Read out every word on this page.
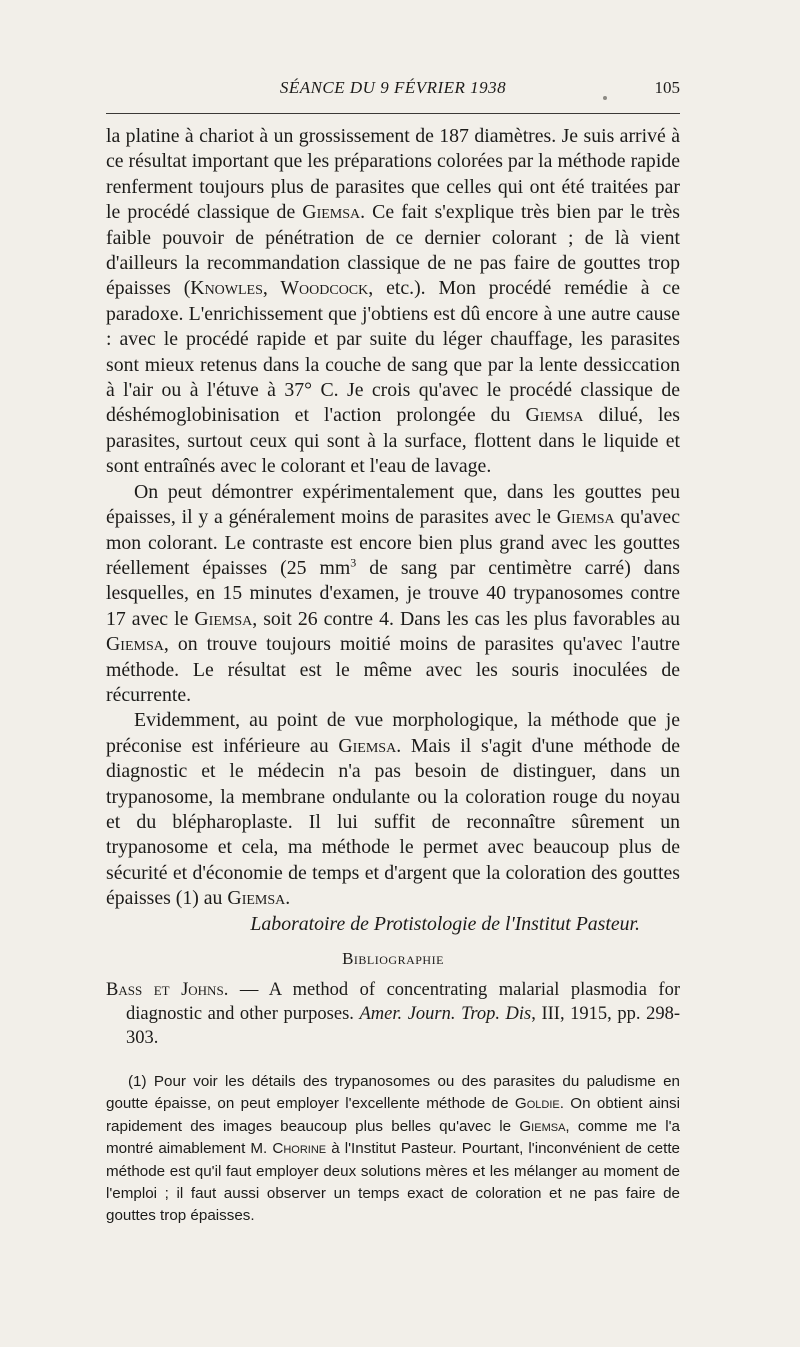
SÉANCE DU 9 FÉVRIER 1938	105

la platine à chariot à un grossissement de 187 diamètres. Je suis arrivé à ce résultat important que les préparations colorées par la méthode rapide renferment toujours plus de parasites que celles qui ont été traitées par le procédé classique de Giemsa. Ce fait s'explique très bien par le très faible pouvoir de pénétration de ce dernier colorant ; de là vient d'ailleurs la recommandation classique de ne pas faire de gouttes trop épaisses (Knowles, Woodcock, etc.). Mon procédé remédie à ce paradoxe. L'enrichissement que j'obtiens est dû encore à une autre cause : avec le procédé rapide et par suite du léger chauffage, les parasites sont mieux retenus dans la couche de sang que par la lente dessiccation à l'air ou à l'étuve à 37° C. Je crois qu'avec le procédé classique de déshémoglobinisation et l'action prolongée du Giemsa dilué, les parasites, surtout ceux qui sont à la surface, flottent dans le liquide et sont entraînés avec le colorant et l'eau de lavage.

On peut démontrer expérimentalement que, dans les gouttes peu épaisses, il y a généralement moins de parasites avec le Giemsa qu'avec mon colorant. Le contraste est encore bien plus grand avec les gouttes réellement épaisses (25 $mm^3$ de sang par centimètre carré) dans lesquelles, en 15 minutes d'examen, je trouve 40 trypanosomes contre 17 avec le Giemsa, soit 26 contre 4. Dans les cas les plus favorables au Giemsa, on trouve toujours moitié moins de parasites qu'avec l'autre méthode. Le résultat est le même avec les souris inoculées de récurrente.

Evidemment, au point de vue morphologique, la méthode que je préconise est inférieure au Giemsa. Mais il s'agit d'une méthode de diagnostic et le médecin n'a pas besoin de distinguer, dans un trypanosome, la membrane ondulante ou la coloration rouge du noyau et du blépharoplaste. Il lui suffit de reconnaître sûrement un trypanosome et cela, ma méthode le permet avec beaucoup plus de sécurité et d'économie de temps et d'argent que la coloration des gouttes épaisses (1) au Giemsa.

Laboratoire de Protistologie de l'Institut Pasteur.

Bibliographie

Bass et Johns. — A method of concentrating malarial plasmodia for diagnostic and other purposes. Amer. Journ. Trop. Dis, III, 1915, pp. 298-303.

(1) Pour voir les détails des trypanosomes ou des parasites du paludisme en goutte épaisse, on peut employer l'excellente méthode de Goldie. On obtient ainsi rapidement des images beaucoup plus belles qu'avec le Giemsa, comme me l'a montré aimablement M. Chorine à l'Institut Pasteur. Pourtant, l'inconvénient de cette méthode est qu'il faut employer deux solutions mères et les mélanger au moment de l'emploi ; il faut aussi observer un temps exact de coloration et ne pas faire de gouttes trop épaisses.
